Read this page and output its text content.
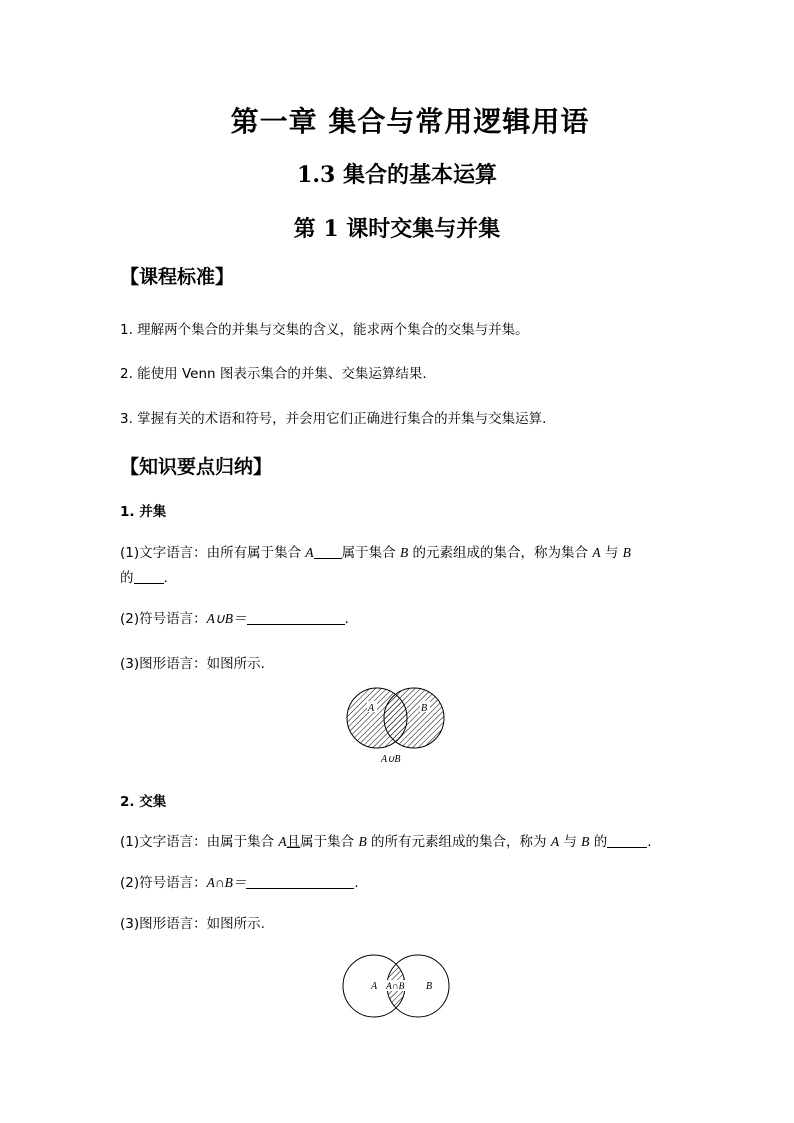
第一章 集合与常用逻辑用语
1.3 集合的基本运算
第 1 课时交集与并集
【课程标准】
1. 理解两个集合的并集与交集的含义，能求两个集合的交集与并集。
2. 能使用 Venn 图表示集合的并集、交集运算结果.
3. 掌握有关的术语和符号，并会用它们正确进行集合的并集与交集运算.
【知识要点归纳】
1. 并集
(1)文字语言：由所有属于集合 A 属于集合 B 的元素组成的集合，称为集合 A 与 B
的 .
(2)符号语言：A∪B＝	.
(3)图形语言：如图所示.
A	B
A∪B
2. 交集
(1)文字语言：由属于集合 A且属于集合 B 的所有元素组成的集合，称为 A 与 B 的	.
(2)符号语言：A∩B＝	.
(3)图形语言：如图所示.
A	B
A∩B
